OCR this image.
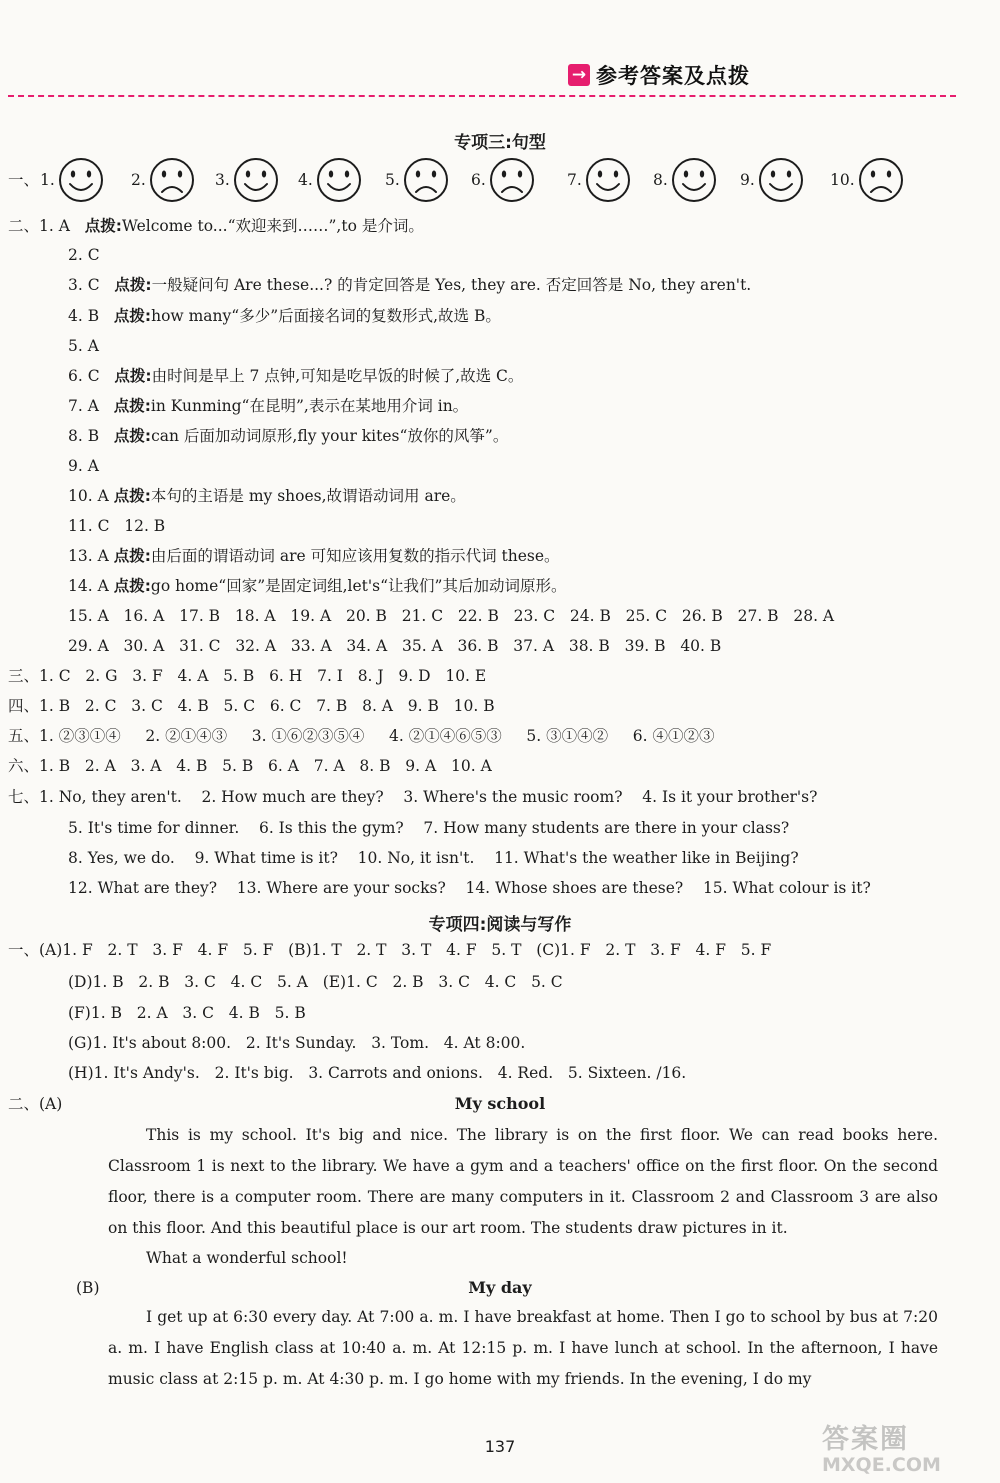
→ 参考答案及点拨
专项三:句型
一、 1.	2.	3.	4.	5.	6.	7.	8.	9.	10.
二、1. A   点拨:Welcome to...“欢迎来到……”,to 是介词。
2. C
3. C   点拨:一般疑问句 Are these...? 的肯定回答是 Yes, they are. 否定回答是 No, they aren't.
4. B   点拨:how many“多少”后面接名词的复数形式,故选 B。
5. A
6. C   点拨:由时间是早上 7 点钟,可知是吃早饭的时候了,故选 C。
7. A   点拨:in Kunming“在昆明”,表示在某地用介词 in。
8. B   点拨:can 后面加动词原形,fly your kites“放你的风筝”。
9. A
10. A 点拨:本句的主语是 my shoes,故谓语动词用 are。
11. C   12. B
13. A 点拨:由后面的谓语动词 are 可知应该用复数的指示代词 these。
14. A 点拨:go home“回家”是固定词组,let's“让我们”其后加动词原形。
15. A   16. A   17. B   18. A   19. A   20. B   21. C   22. B   23. C   24. B   25. C   26. B   27. B   28. A
29. A   30. A   31. C   32. A   33. A   34. A   35. A   36. B   37. A   38. B   39. B   40. B
三、1. C   2. G   3. F   4. A   5. B   6. H   7. I   8. J   9. D   10. E
四、1. B   2. C   3. C   4. B   5. C   6. C   7. B   8. A   9. B   10. B
五、1. ②③①④     2. ②①④③     3. ①⑥②③⑤④     4. ②①④⑥⑤③     5. ③①④②     6. ④①②③
六、1. B   2. A   3. A   4. B   5. B   6. A   7. A   8. B   9. A   10. A
七、1. No, they aren't.    2. How much are they?    3. Where's the music room?    4. Is it your brother's?
5. It's time for dinner.    6. Is this the gym?    7. How many students are there in your class?
8. Yes, we do.    9. What time is it?    10. No, it isn't.    11. What's the weather like in Beijing?
12. What are they?    13. Where are your socks?    14. Whose shoes are these?    15. What colour is it?
专项四:阅读与写作
一、(A)1. F   2. T   3. F   4. F   5. F   (B)1. T   2. T   3. T   4. F   5. T   (C)1. F   2. T   3. F   4. F   5. F
(D)1. B   2. B   3. C   4. C   5. A   (E)1. C   2. B   3. C   4. C   5. C
(F)1. B   2. A   3. C   4. B   5. B
(G)1. It's about 8:00.   2. It's Sunday.   3. Tom.   4. At 8:00.
(H)1. It's Andy's.   2. It's big.   3. Carrots and onions.   4. Red.   5. Sixteen. /16.
二、(A)	My school
This is my school. It's big and nice. The library is on the first floor. We can read books here. Classroom 1 is next to the library. We have a gym and a teachers' office on the first floor. On the second floor, there is a computer room. There are many computers in it. Classroom 2 and Classroom 3 are also on this floor. And this beautiful place is our art room. The students draw pictures in it.
What a wonderful school!
(B)	My day
I get up at 6:30 every day. At 7:00 a. m. I have breakfast at home. Then I go to school by bus at 7:20 a. m. I have English class at 10:40 a. m. At 12:15 p. m. I have lunch at school. In the afternoon, I have music class at 2:15 p. m. At 4:30 p. m. I go home with my friends. In the evening, I do my
137	答案圈
MXQE.COM
